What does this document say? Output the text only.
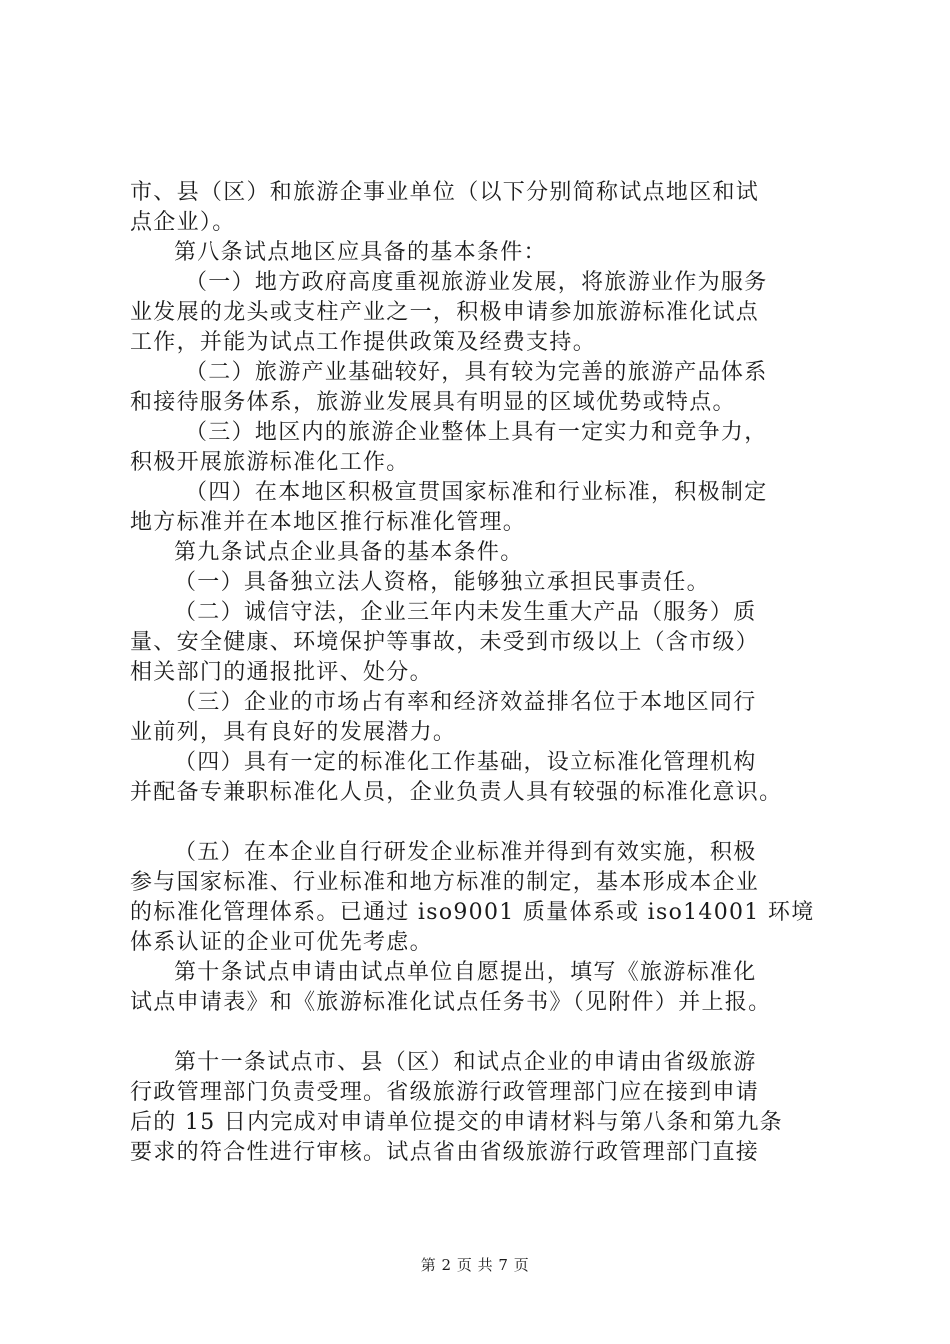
市、县（区）和旅游企事业单位（以下分别简称试点地区和试
点企业）。
第八条试点地区应具备的基本条件：
（一）地方政府高度重视旅游业发展，将旅游业作为服务
业发展的龙头或支柱产业之一，积极申请参加旅游标准化试点
工作，并能为试点工作提供政策及经费支持。
（二）旅游产业基础较好，具有较为完善的旅游产品体系
和接待服务体系，旅游业发展具有明显的区域优势或特点。
（三）地区内的旅游企业整体上具有一定实力和竞争力，
积极开展旅游标准化工作。
（四）在本地区积极宣贯国家标准和行业标准，积极制定
地方标准并在本地区推行标准化管理。
第九条试点企业具备的基本条件。
（一）具备独立法人资格，能够独立承担民事责任。
（二）诚信守法，企业三年内未发生重大产品（服务）质
量、安全健康、环境保护等事故，未受到市级以上（含市级）
相关部门的通报批评、处分。
（三）企业的市场占有率和经济效益排名位于本地区同行
业前列，具有良好的发展潜力。
（四）具有一定的标准化工作基础，设立标准化管理机构
并配备专兼职标准化人员，企业负责人具有较强的标准化意识。
（五）在本企业自行研发企业标准并得到有效实施，积极
参与国家标准、行业标准和地方标准的制定，基本形成本企业
的标准化管理体系。已通过 iso9001 质量体系或 iso14001 环境
体系认证的企业可优先考虑。
第十条试点申请由试点单位自愿提出，填写《旅游标准化
试点申请表》和《旅游标准化试点任务书》（见附件）并上报。
第十一条试点市、县（区）和试点企业的申请由省级旅游
行政管理部门负责受理。省级旅游行政管理部门应在接到申请
后的 15 日内完成对申请单位提交的申请材料与第八条和第九条
要求的符合性进行审核。试点省由省级旅游行政管理部门直接
第 2 页 共 7 页
